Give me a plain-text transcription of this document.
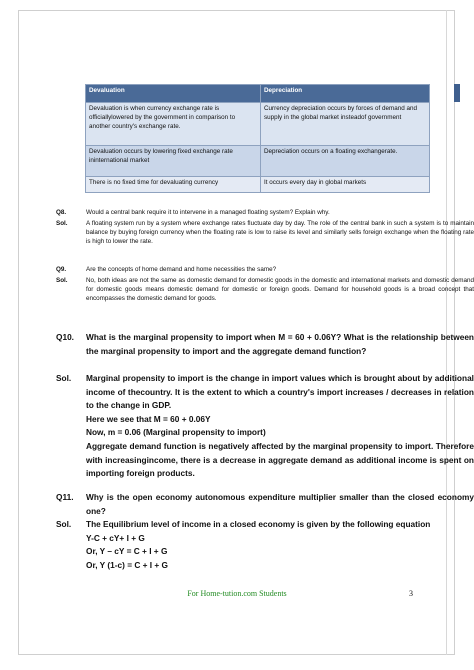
Devaluation	Depreciation
Devaluation is when currency exchange rate is officiallylowered by the government in comparison to another country's exchange rate.	Currency depreciation occurs by forces of demand and supply in the global market insteadof government
Devaluation occurs by lowering fixed exchange rate ininternational market	Depreciation occurs on a floating exchangerate.
There is no fixed time for devaluating currency	It occurs every day in global markets
Q8.	Would a central bank require it to intervene in a managed floating system? Explain why.
Sol.	A floating system run by a system where exchange rates fluctuate day by day. The role of the central bank in such a system is to maintain balance by buying foreign currency when the floating rate is low to raise its level and similarly sells foreign exchange when the floating rate is high to lower the rate.
Q9.	Are the concepts of home demand and home necessities the same?
Sol.	No, both ideas are not the same as domestic demand for domestic goods in the domestic and international markets and domestic demand for domestic goods means domestic demand for domestic or foreign goods. Demand for household goods is a broad concept that encompasses the domestic demand for goods.
Q10. What is the marginal propensity to import when M = 60 + 0.06Y? What is the relationship between the marginal propensity to import and the aggregate demand function?
Sol. Marginal propensity to import is the change in import values which is brought about by additional income of thecountry. It is the extent to which a country's import increases / decreases in relation to the change in GDP.
Here we see that M = 60 + 0.06Y
Now, m = 0.06 (Marginal propensity to import)
Aggregate demand function is negatively affected by the marginal propensity to import. Therefore with increasingincome, there is a decrease in aggregate demand as additional income is spent on importing foreign products.
Q11. Why is the open economy autonomous expenditure multiplier smaller than the closed economy one?
Sol. The Equilibrium level of income in a closed economy is given by the following equation
Y-C + cY+ I + G
Or, Y – cY = C + I + G
Or, Y (1-c) = C + I + G
For Home-tution.com Students	3
